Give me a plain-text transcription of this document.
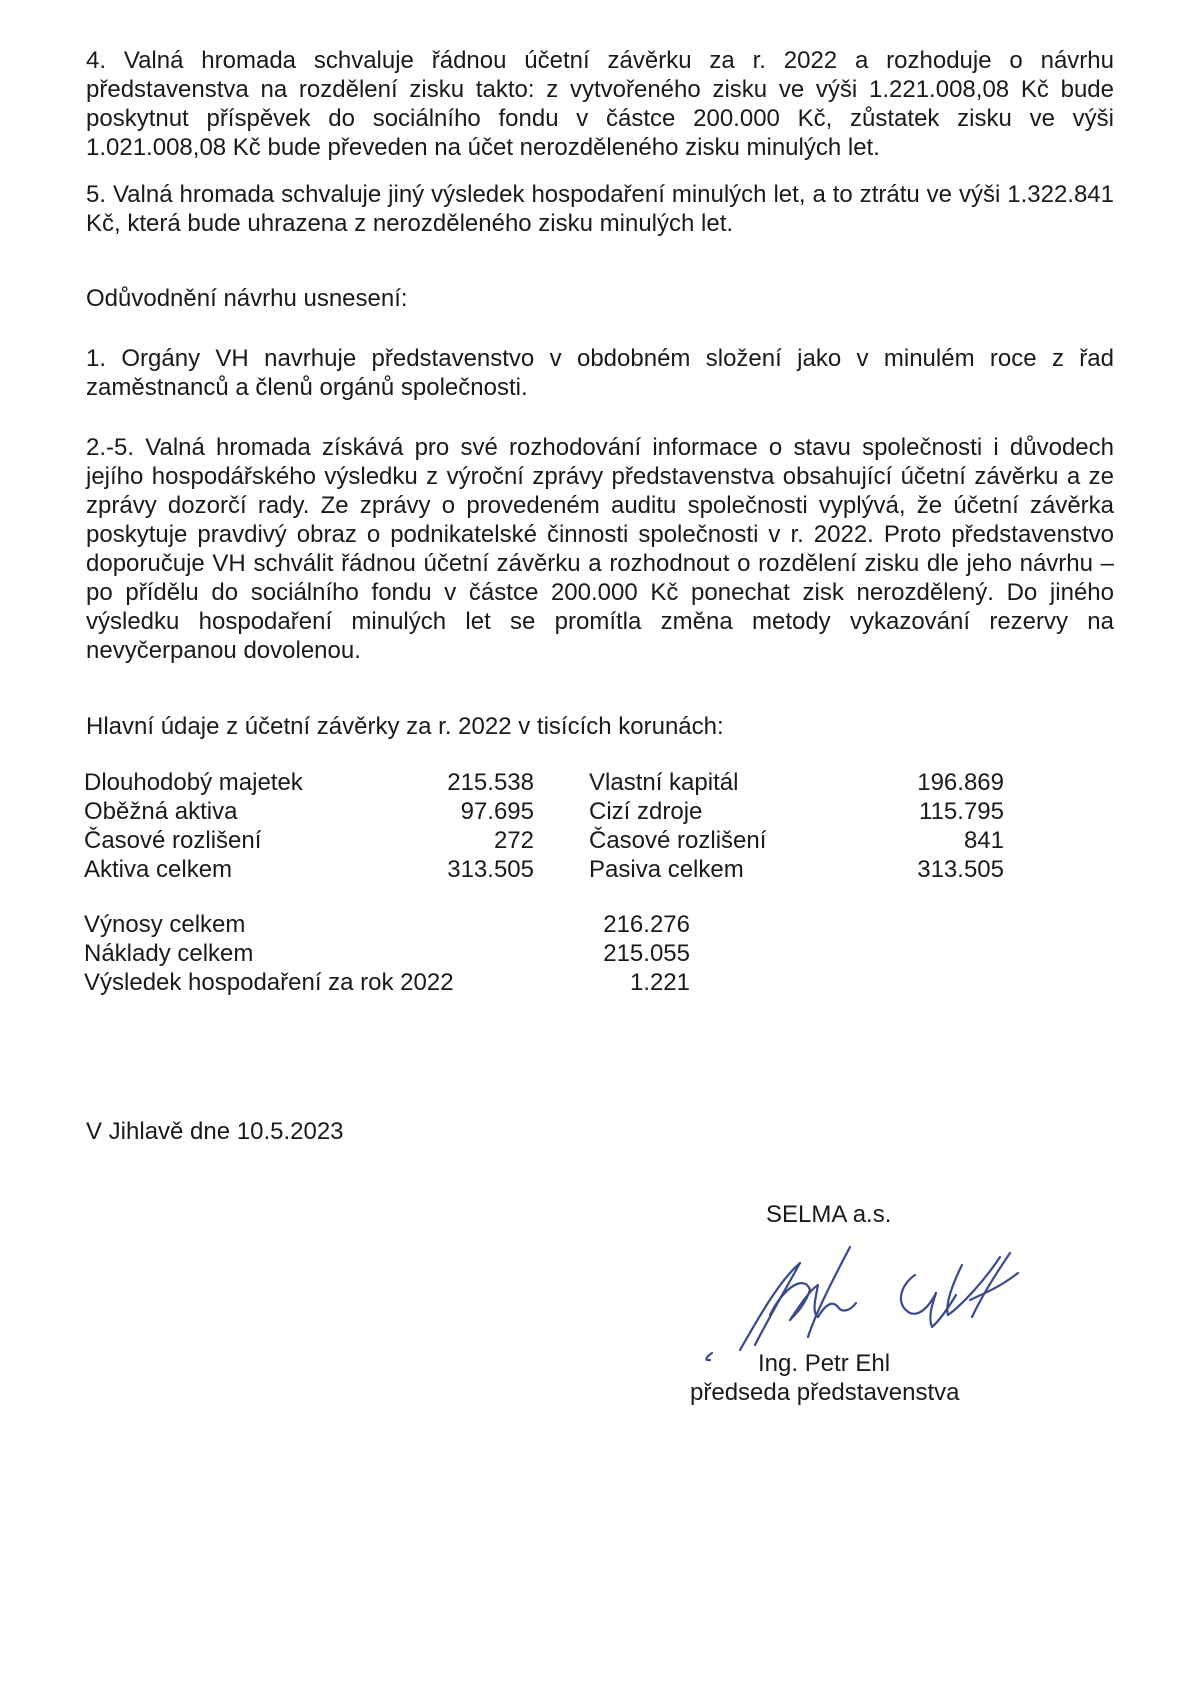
4. Valná hromada schvaluje řádnou účetní závěrku za r. 2022 a rozhoduje o návrhu představenstva na rozdělení zisku takto: z vytvořeného zisku ve výši 1.221.008,08 Kč bude poskytnut příspěvek do sociálního fondu v částce 200.000 Kč, zůstatek zisku ve výši 1.021.008,08 Kč bude převeden na účet nerozděleného zisku minulých let.

5. Valná hromada schvaluje jiný výsledek hospodaření minulých let, a to ztrátu ve výši 1.322.841 Kč, která bude uhrazena z nerozděleného zisku minulých let.

Odůvodnění návrhu usnesení:

1. Orgány VH navrhuje představenstvo v obdobném složení jako v minulém roce z řad zaměstnanců a členů orgánů společnosti.

2.-5. Valná hromada získává pro své rozhodování informace o stavu společnosti i důvodech jejího hospodářského výsledku z výroční zprávy představenstva obsahující účetní závěrku a ze zprávy dozorčí rady. Ze zprávy o provedeném auditu společnosti vyplývá, že účetní závěrka poskytuje pravdivý obraz o podnikatelské činnosti společnosti v r. 2022. Proto představenstvo doporučuje VH schválit řádnou účetní závěrku a rozhodnout o rozdělení zisku dle jeho návrhu – po přídělu do sociálního fondu v částce 200.000 Kč ponechat zisk nerozdělený. Do jiného výsledku hospodaření minulých let se promítla změna metody vykazování rezervy na nevyčerpanou dovolenou.

Hlavní údaje z účetní závěrky za r. 2022 v tisících korunách:

Dlouhodobý majetek	215.538 Vlastní kapitál	196.869
Oběžná aktiva	97.695 Cizí zdroje	115.795
Časové rozlišení	272 Časové rozlišení	841
Aktiva celkem	313.505 Pasiva celkem	313.505
Výnosy celkem	216.276
Náklady celkem	215.055
Výsledek hospodaření za rok 2022	1.221

V Jihlavě dne 10.5.2023

SELMA a.s.
Ing. Petr Ehl
předseda představenstva
